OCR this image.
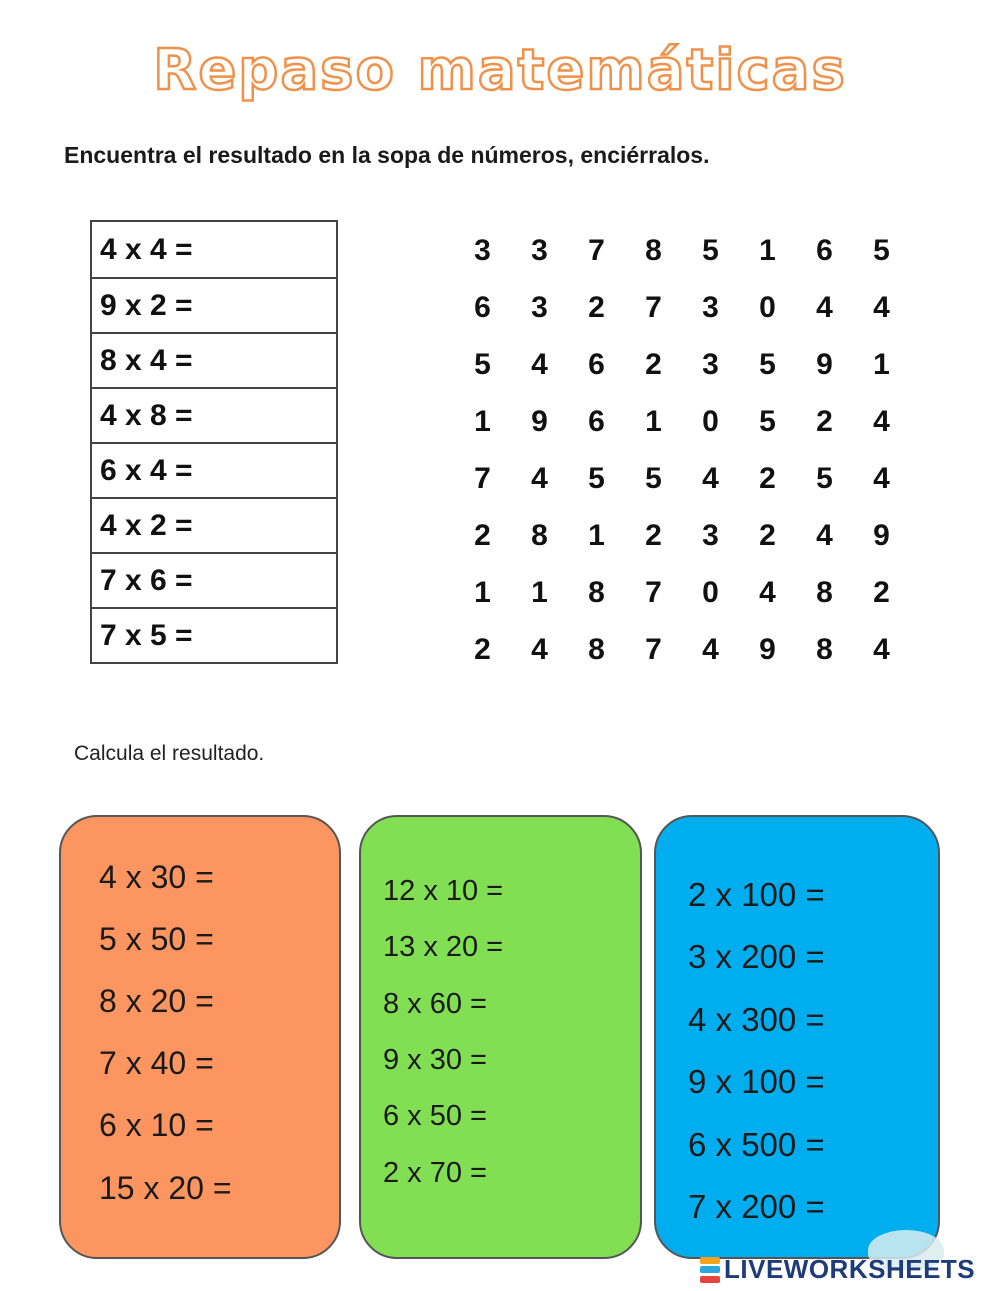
Repaso matemáticas
Encuentra el resultado en la sopa de números, enciérralos.
4 x 4 =
9 x 2 =
8 x 4 =
4 x 8 =
6 x 4 =
4 x 2 =
7 x 6 =
7 x 5 =
3	3	7	8	5	1	6	5
6	3	2	7	3	0	4	4
5	4	6	2	3	5	9	1
1	9	6	1	0	5	2	4
7	4	5	5	4	2	5	4
2	8	1	2	3	2	4	9
1	1	8	7	0	4	8	2
2	4	8	7	4	9	8	4
Calcula el resultado.
4 x 30 =
5 x 50 =
8 x 20 =
7 x 40 =
6 x 10 =
15 x 20 =
12 x 10 =
13 x 20 =
8 x 60 =
9 x 30 =
6 x 50 =
2 x 70 =
2 x 100 =
3 x 200 =
4 x 300 =
9 x 100 =
6 x 500 =
7 x 200 =
LIVEWORKSHEETS
